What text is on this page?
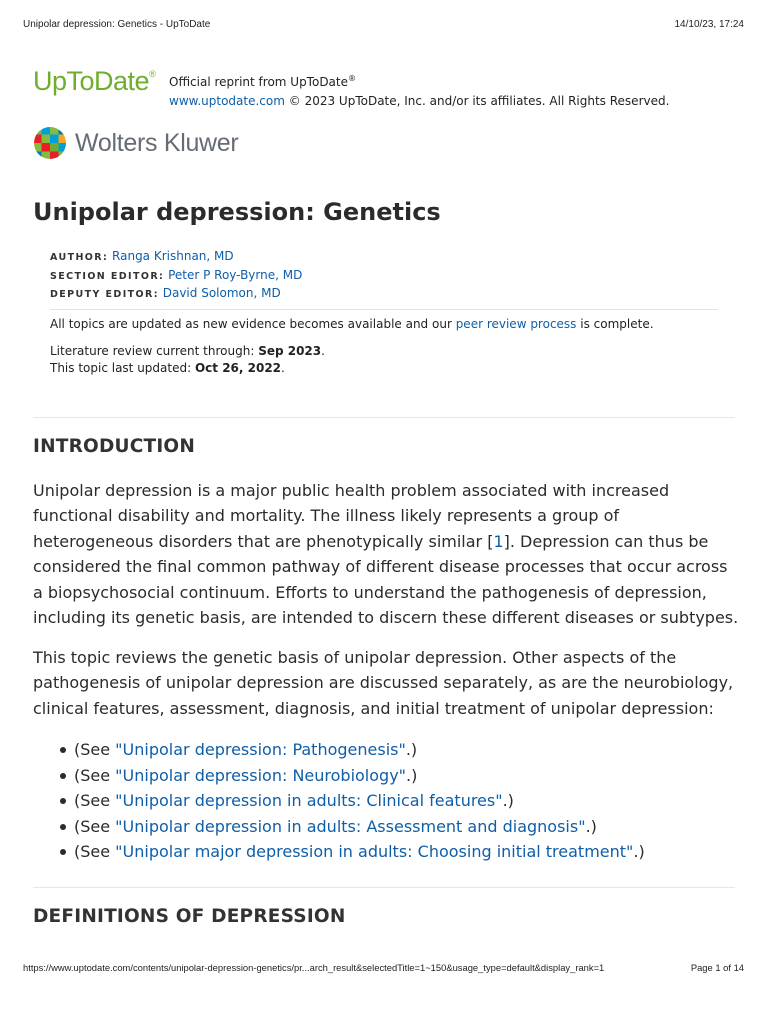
Unipolar depression: Genetics - UpToDate	14/10/23, 17:24
UpToDate®
Official reprint from UpToDate®
www.uptodate.com © 2023 UpToDate, Inc. and/or its affiliates. All Rights Reserved.
Wolters Kluwer
Unipolar depression: Genetics
AUTHOR: Ranga Krishnan, MD
SECTION EDITOR: Peter P Roy-Byrne, MD
DEPUTY EDITOR: David Solomon, MD
All topics are updated as new evidence becomes available and our peer review process is complete.
Literature review current through: Sep 2023.
This topic last updated: Oct 26, 2022.
INTRODUCTION

Unipolar depression is a major public health problem associated with increased functional disability and mortality. The illness likely represents a group of heterogeneous disorders that are phenotypically similar [1]. Depression can thus be considered the final common pathway of different disease processes that occur across a biopsychosocial continuum. Efforts to understand the pathogenesis of depression, including its genetic basis, are intended to discern these different diseases or subtypes.

This topic reviews the genetic basis of unipolar depression. Other aspects of the pathogenesis of unipolar depression are discussed separately, as are the neurobiology, clinical features, assessment, diagnosis, and initial treatment of unipolar depression:

(See "Unipolar depression: Pathogenesis".)
(See "Unipolar depression: Neurobiology".)
(See "Unipolar depression in adults: Clinical features".)
(See "Unipolar depression in adults: Assessment and diagnosis".)
(See "Unipolar major depression in adults: Choosing initial treatment".)
DEFINITIONS OF DEPRESSION
https://www.uptodate.com/contents/unipolar-depression-genetics/pr...arch_result&selectedTitle=1~150&usage_type=default&display_rank=1	Page 1 of 14
